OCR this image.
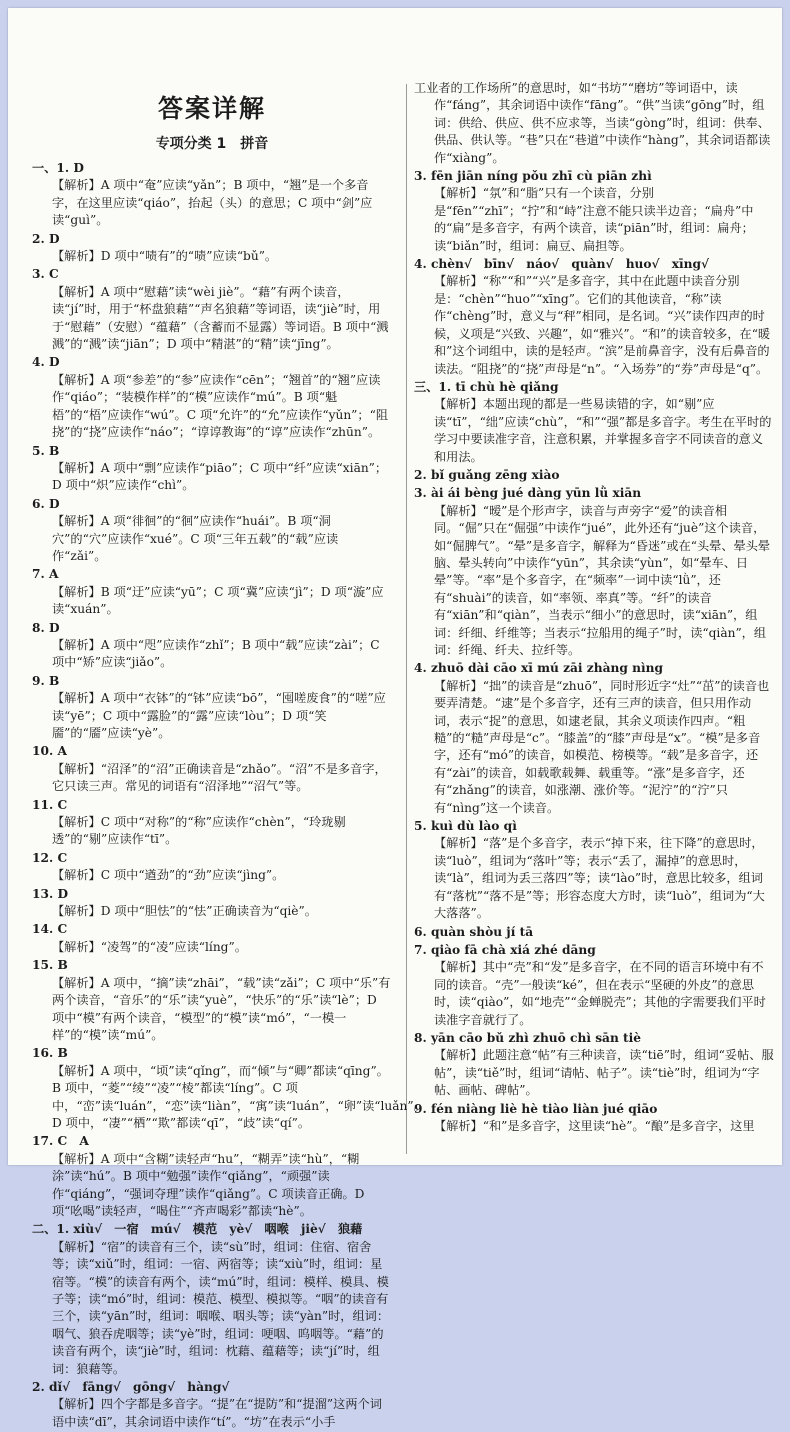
答案详解
专项分类 1　拼音
一、1. D
【解析】A 项中“奄”应读“yǎn”；B 项中，“翘”是一个多音字，在这里应读“qiáo”，抬起（头）的意思；C 项中“剑”应读“guì”。
2. D
【解析】D 项中“啧有”的“啧”应读“bǔ”。
3. C
【解析】A 项中“慰藉”读“wèi jiè”。“藉”有两个读音，读“jí”时，用于“杯盘狼藉”“声名狼藉”等词语，读“jiè”时，用于“慰藉”（安慰）“蕴藉”（含蓄而不显露）等词语。B 项中“溅溅”的“溅”读“jiān”；D 项中“精湛”的“精”读“jīng”。
4. D
【解析】A 项“参差”的“参”应读作“cēn”；“翘首”的“翘”应读作“qiáo”；“装模作样”的“模”应读作“mú”。B 项“魁梧”的“梧”应读作“wú”。C 项“允许”的“允”应读作“yǔn”；“阻挠”的“挠”应读作“náo”；“谆谆教诲”的“谆”应读作“zhūn”。
5. B
【解析】A 项中“剽”应读作“piāo”；C 项中“纤”应读“xiān”；D 项中“炽”应读作“chì”。
6. D
【解析】A 项“徘徊”的“徊”应读作“huái”。B 项“洞穴”的“穴”应读作“xué”。C 项“三年五载”的“载”应读作“zǎi”。
7. A
【解析】B 项“迂”应读“yū”；C 项“冀”应读“jì”；D 项“漩”应读“xuán”。
8. D
【解析】A 项中“咫”应读作“zhǐ”；B 项中“载”应读“zài”；C 项中“矫”应读“jiǎo”。
9. B
【解析】A 项中“衣钵”的“钵”应读“bō”，“囤嗟废食”的“嗟”应读“yē”；C 项中“露脸”的“露”应读“lòu”；D 项“笑靥”的“靥”应读“yè”。
10. A
【解析】“沼泽”的“沼”正确读音是“zhǎo”。“沼”不是多音字，它只读三声。常见的词语有“沼泽地”“沼气”等。
11. C
【解析】C 项中“对称”的“称”应读作“chèn”，“玲珑剔透”的“剔”应读作“tī”。
12. C
【解析】C 项中“遒劲”的“劲”应读“jìng”。
13. D
【解析】D 项中“胆怯”的“怯”正确读音为“qiè”。
14. C
【解析】“凌驾”的“凌”应读“líng”。
15. B
【解析】A 项中，“摘”读“zhāi”，“载”读“zǎi”；C 项中“乐”有两个读音，“音乐”的“乐”读“yuè”，“快乐”的“乐”读“lè”；D 项中“模”有两个读音，“模型”的“模”读“mó”，“一模一样”的“模”读“mú”。
16. B
【解析】A 项中，“顷”读“qǐng”，而“倾”与“卿”都读“qīng”。B 项中，“菱”“绫”“凌”“棱”都读“líng”。C 项中，“峦”读“luán”，“恋”读“liàn”，“寓”读“luán”，“卵”读“luǎn”。D 项中，“凄”“栖”“欺”都读“qī”，“歧”读“qí”。
17. C　A
【解析】A 项中“含糊”读轻声“hu”，“糊弄”读“hù”，“糊涂”读“hú”。B 项中“勉强”读作“qiǎng”，“顽强”读作“qiáng”，“强词夺理”读作“qiǎng”。C 项读音正确。D 项“吆喝”读轻声，“喝住”“齐声喝彩”都读“hè”。
二、1. xiù√　一宿　mú√　模范　yè√　咽喉　jiè√　狼藉
【解析】“宿”的读音有三个，读“sù”时，组词：住宿、宿舍等；读“xiǔ”时，组词：一宿、两宿等；读“xiù”时，组词：星宿等。“模”的读音有两个，读“mú”时，组词：模样、模具、模子等；读“mó”时，组词：模范、模型、模拟等。“咽”的读音有三个，读“yān”时，组词：咽喉、咽头等；读“yàn”时，组词：咽气、狼吞虎咽等；读“yè”时，组词：哽咽、呜咽等。“藉”的读音有两个，读“jiè”时，组词：枕藉、蕴藉等；读“jí”时，组词：狼藉等。
2. dǐ√　fāng√　gōng√　hàng√
【解析】四个字都是多音字。“提”在“提防”和“提溜”这两个词语中读“dī”，其余词语中读作“tí”。“坊”在表示“小手
工业者的工作场所”的意思时，如“书坊”“磨坊”等词语中，读作“fáng”，其余词语中读作“fāng”。“供”当读“gōng”时，组词：供给、供应、供不应求等，当读“gòng”时，组词：供奉、供品、供认等。“巷”只在“巷道”中读作“hàng”，其余词语都读作“xiàng”。
3. fēn jiān níng pǒu zhī cù piān zhì
【解析】“氛”和“脂”只有一个读音，分别是“fēn”“zhī”；“拧”和“峙”注意不能只读半边音；“扁舟”中的“扁”是多音字，有两个读音，读“piān”时，组词：扁舟；读“biǎn”时，组词：扁豆、扁担等。
4. chèn√　bīn√　náo√　quàn√　huo√　xīng√
【解析】“称”“和”“兴”是多音字，其中在此题中读音分别是：“chèn”“huo”“xīng”。它们的其他读音，“称”读作“chèng”时，意义与“秤”相同，是名词。“兴”读作四声的时候，义项是“兴致、兴趣”，如“雅兴”。“和”的读音较多，在“暖和”这个词组中，读的是轻声。“滨”是前鼻音字，没有后鼻音的读法。“阻挠”的“挠”声母是“n”。“入场券”的“券”声母是“q”。
三、1. tī chù hè qiǎng
【解析】本题出现的都是一些易读错的字，如“剔”应读“tī”，“绌”应读“chù”，“和”“强”都是多音字。考生在平时的学习中要读准字音，注意积累，并掌握多音字不同读音的意义和用法。
2. bǐ guǎng zēng xiào
3. ài ái bèng jué dàng yūn lǜ xiān
【解析】“暧”是个形声字，读音与声旁字“爱”的读音相同。“倔”只在“倔强”中读作“jué”，此外还有“juè”这个读音，如“倔脾气”。“晕”是多音字，解释为“昏迷”或在“头晕、晕头晕脑、晕头转向”中读作“yūn”，其余读“yùn”，如“晕车、日晕”等。“率”是个多音字，在“频率”一词中读“lǜ”，还有“shuài”的读音，如“率领、率真”等。“纤”的读音有“xiān”和“qiàn”，当表示“细小”的意思时，读“xiān”，组词：纤细、纤维等；当表示“拉船用的绳子”时，读“qiàn”，组词：纤绳、纤夫、拉纤等。
4. zhuō dài cāo xī mú zāi zhàng nìng
【解析】“拙”的读音是“zhuō”，同时形近字“灶”“茁”的读音也要弄清楚。“逮”是个多音字，还有三声的读音，但只用作动词，表示“捉”的意思，如逮老鼠，其余义项读作四声。“粗糙”的“糙”声母是“c”。“膝盖”的“膝”声母是“x”。“模”是多音字，还有“mó”的读音，如模范、榜模等。“载”是多音字，还有“zài”的读音，如载歌载舞、载重等。“涨”是多音字，还有“zhǎng”的读音，如涨潮、涨价等。“泥泞”的“泞”只有“nìng”这一个读音。
5. kuì dù lào qì
【解析】“落”是个多音字，表示“掉下来，往下降”的意思时，读“luò”，组词为“落叶”等；表示“丢了，漏掉”的意思时，读“là”，组词为丢三落四”等；读“lào”时，意思比较多，组词有“落枕”“落不是”等；形容态度大方时，读“luò”，组词为“大大落落”。
6. quàn shòu jí tā
7. qiào fā chà xiá zhé dāng
【解析】其中“壳”和“发”是多音字，在不同的语言环境中有不同的读音。“壳”一般读“ké”，但在表示“坚硬的外皮”的意思时，读“qiào”，如“地壳”“金蝉脱壳”；其他的字需要我们平时读准字音就行了。
8. yān cāo bǔ zhì zhuō chì sān tiè
【解析】此题注意“帖”有三种读音，读“tiē”时，组词“妥帖、服帖”，读“tiě”时，组词“请帖、帖子”。读“tiè”时，组词为“字帖、画帖、碑帖”。
9. fén niàng liè hè tiào liàn jué qiāo
【解析】“和”是多音字，这里读“hè”。“酿”是多音字，这里
